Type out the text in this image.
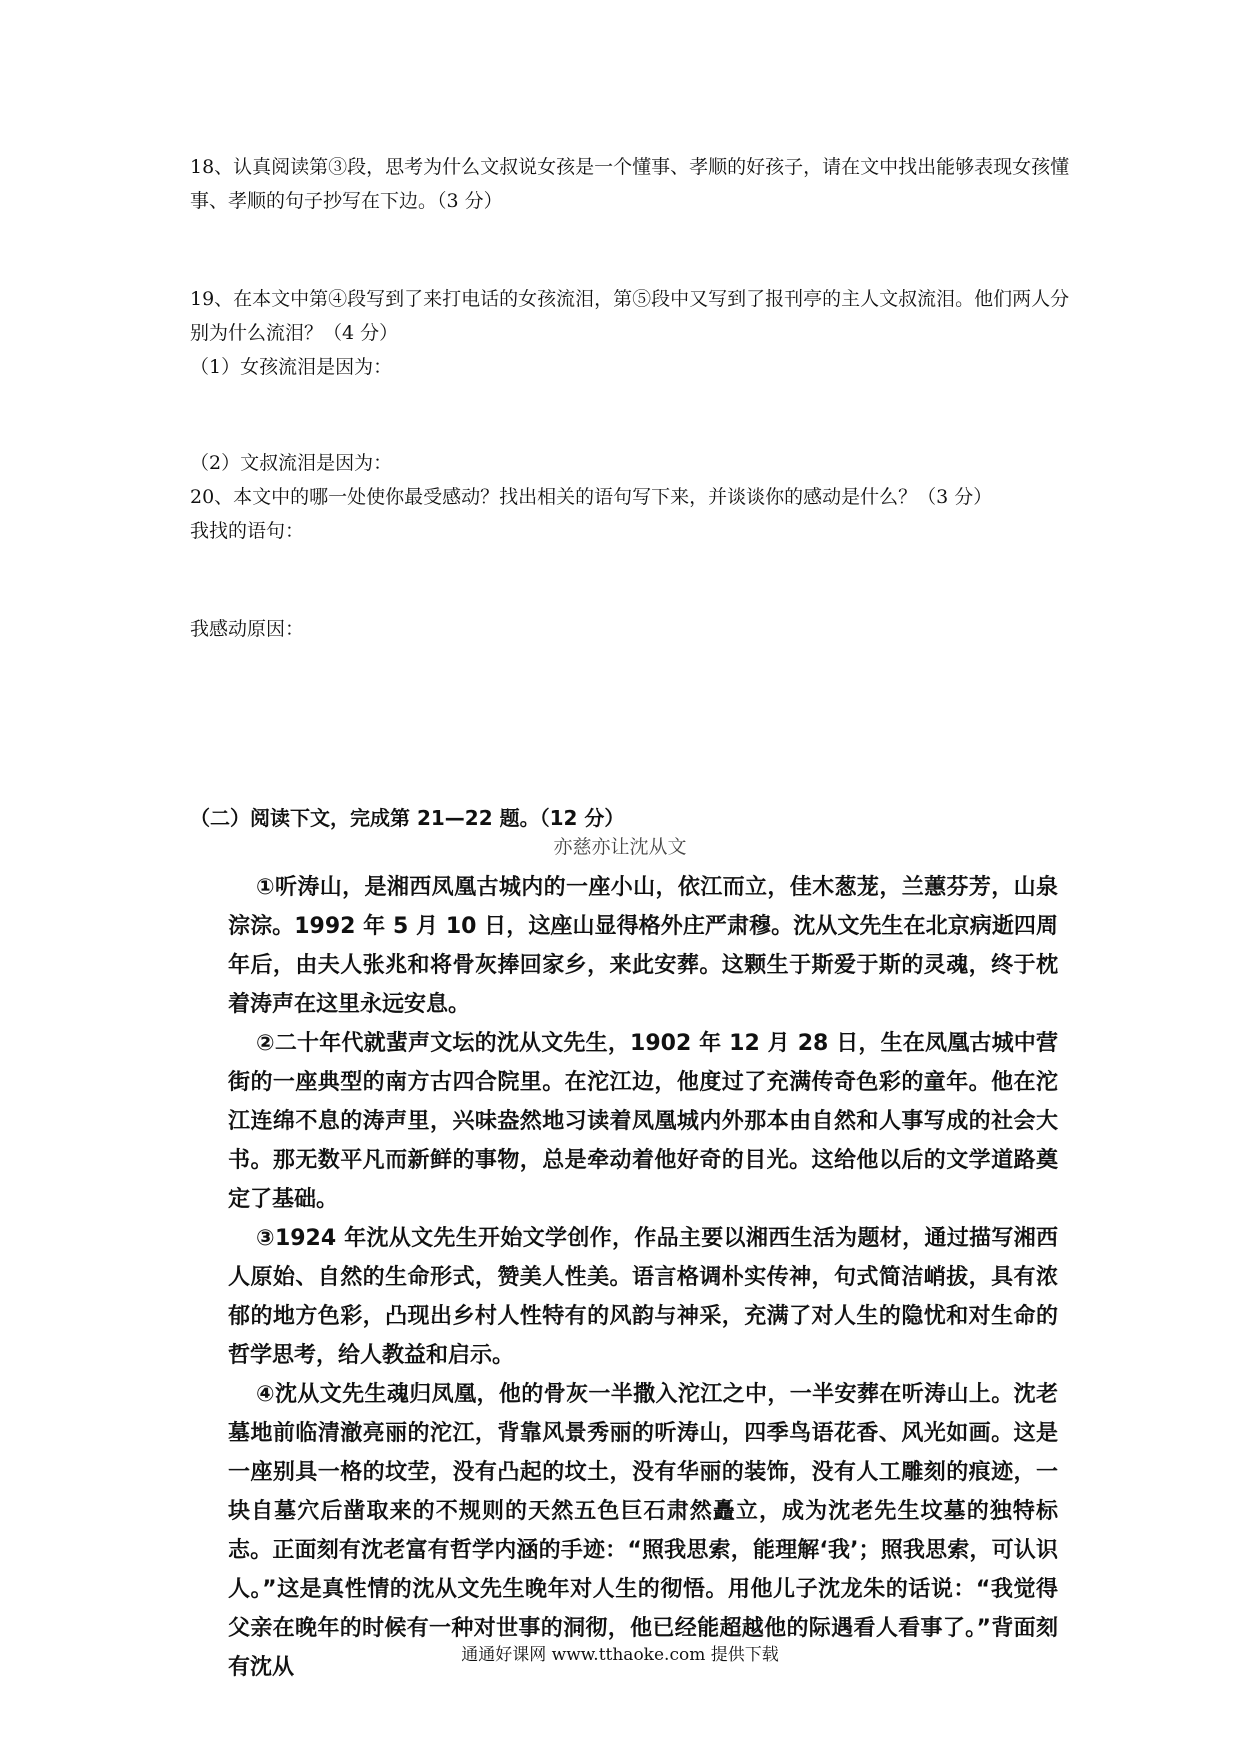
18、认真阅读第③段，思考为什么文叔说女孩是一个懂事、孝顺的好孩子，请在文中找出能够表现女孩懂事、孝顺的句子抄写在下边。（3 分）

19、在本文中第④段写到了来打电话的女孩流泪，第⑤段中又写到了报刊亭的主人文叔流泪。他们两人分别为什么流泪？（4 分）

（1）女孩流泪是因为：

（2）文叔流泪是因为：

20、本文中的哪一处使你最受感动？找出相关的语句写下来，并谈谈你的感动是什么？（3 分）

我找的语句：

我感动原因：

（二）阅读下文，完成第 21—22 题。（12 分）

亦慈亦让沈从文

①听涛山，是湘西凤凰古城内的一座小山，依江而立，佳木葱茏，兰蕙芬芳，山泉淙淙。1992 年 5 月 10 日，这座山显得格外庄严肃穆。沈从文先生在北京病逝四周年后，由夫人张兆和将骨灰捧回家乡，来此安葬。这颗生于斯爱于斯的灵魂，终于枕着涛声在这里永远安息。

②二十年代就蜚声文坛的沈从文先生，1902 年 12 月 28 日，生在凤凰古城中营街的一座典型的南方古四合院里。在沱江边，他度过了充满传奇色彩的童年。他在沱江连绵不息的涛声里，兴味盎然地习读着凤凰城内外那本由自然和人事写成的社会大书。那无数平凡而新鲜的事物，总是牵动着他好奇的目光。这给他以后的文学道路奠定了基础。

③1924 年沈从文先生开始文学创作，作品主要以湘西生活为题材，通过描写湘西人原始、自然的生命形式，赞美人性美。语言格调朴实传神，句式简洁峭拔，具有浓郁的地方色彩，凸现出乡村人性特有的风韵与神采，充满了对人生的隐忧和对生命的哲学思考，给人教益和启示。

④沈从文先生魂归凤凰，他的骨灰一半撒入沱江之中，一半安葬在听涛山上。沈老墓地前临清澈亮丽的沱江，背靠风景秀丽的听涛山，四季鸟语花香、风光如画。这是一座别具一格的坟茔，没有凸起的坟土，没有华丽的装饰，没有人工雕刻的痕迹，一块自墓穴后凿取来的不规则的天然五色巨石肃然矗立，成为沈老先生坟墓的独特标志。正面刻有沈老富有哲学内涵的手迹：“照我思索，能理解‘我’；照我思索，可认识人。”这是真性情的沈从文先生晚年对人生的彻悟。用他儿子沈龙朱的话说：“我觉得父亲在晚年的时候有一种对世事的洞彻，他已经能超越他的际遇看人看事了。”背面刻有沈从	通通好课网 www.tthaoke.com 提供下载
